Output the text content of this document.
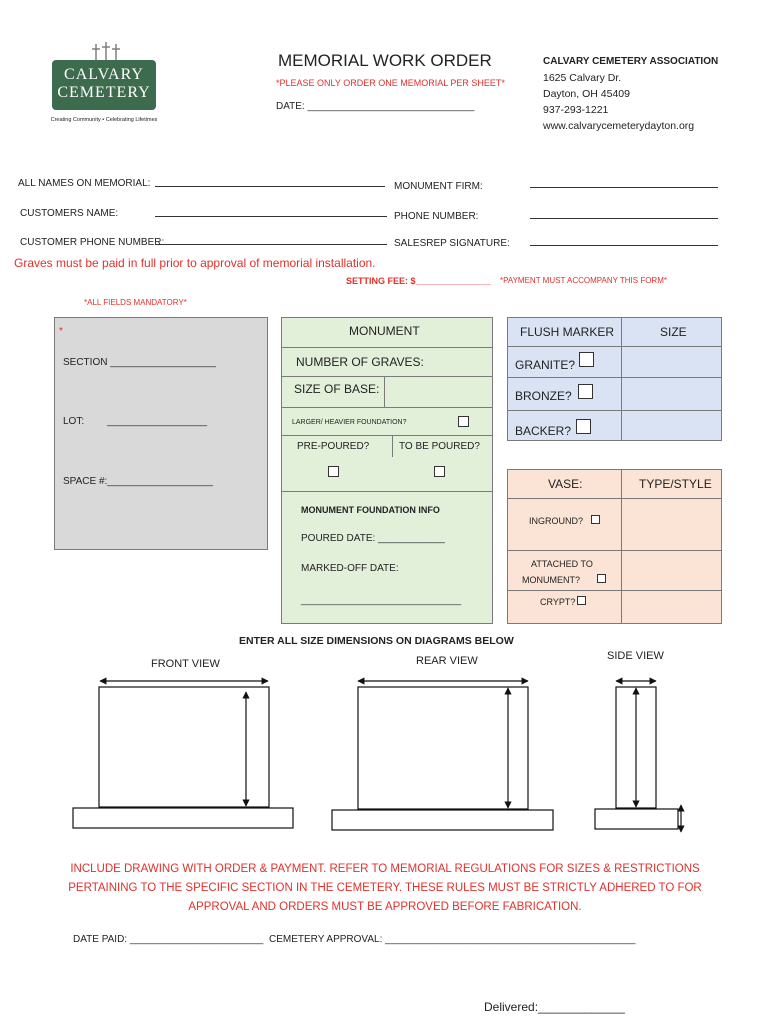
CALVARY
CEMETERY
Creating Community • Celebrating Lifetimes
MEMORIAL WORK ORDER
*PLEASE ONLY ORDER ONE MEMORIAL PER SHEET*
DATE: ______________________________
CALVARY CEMETERY ASSOCIATION
1625 Calvary Dr.
Dayton, OH 45409
937-293-1221
www.calvarycemeterydayton.org
ALL NAMES ON MEMORIAL:	MONUMENT FIRM:
CUSTOMERS NAME:	PHONE NUMBER:
CUSTOMER PHONE NUMBER:	SALESREP SIGNATURE:
Graves must be paid in full prior to approval of memorial installation.
SETTING FEE: $_______________ *PAYMENT MUST ACCOMPANY THIS FORM*
*ALL FIELDS MANDATORY*
*
SECTION ___________________
LOT: __________________
SPACE #:___________________
MONUMENT
NUMBER OF GRAVES:
SIZE OF BASE:
LARGER/ HEAVIER FOUNDATION?
PRE-POURED?	TO BE POURED?
MONUMENT FOUNDATION INFO
POURED DATE: ____________
MARKED-OFF DATE:
________________________________
FLUSH MARKER	SIZE
GRANITE?
BRONZE?
BACKER?
VASE:	TYPE/STYLE
INGROUND?
ATTACHED TO
MONUMENT?
CRYPT?
ENTER ALL SIZE DIMENSIONS ON DIAGRAMS BELOW
FRONT VIEW	REAR VIEW	SIDE VIEW
INCLUDE DRAWING WITH ORDER & PAYMENT. REFER TO MEMORIAL REGULATIONS FOR SIZES & RESTRICTIONS
PERTAINING TO THE SPECIFIC SECTION IN THE CEMETERY. THESE RULES MUST BE STRICTLY ADHERED TO FOR
APPROVAL AND ORDERS MUST BE APPROVED BEFORE FABRICATION.
DATE PAID: ________________________ CEMETERY APPROVAL: _____________________________________________
Delivered:_____________
